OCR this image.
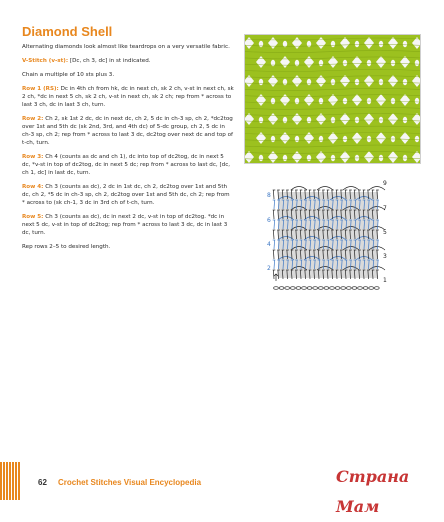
Diamond Shell

Alternating diamonds look almost like teardrops on a very versatile fabric.

V-Stitch (v-st): [Dc, ch 3, dc] in st indicated.

Chain a multiple of 10 sts plus 3.

Row 1 (RS): Dc in 4th ch from hk, dc in next ch, sk 2 ch, v-st in next ch, sk 2 ch, *dc in next 5 ch, sk 2 ch, v-st in next ch, sk 2 ch; rep from * across to last 3 ch, dc in last 3 ch, turn.

Row 2: Ch 2, sk 1st 2 dc, dc in next dc, ch 2, 5 dc in ch-3 sp, ch 2, *dc2tog over 1st and 5th dc (sk 2nd, 3rd, and 4th dc) of 5-dc group, ch 2, 5 dc in ch-3 sp, ch 2; rep from * across to last 3 dc, dc2tog over next dc and top of t-ch, turn.

Row 3: Ch 4 (counts as dc and ch 1), dc into top of dc2tog, dc in next 5 dc, *v-st in top of dc2tog, dc in next 5 dc; rep from * across to last dc, [dc, ch 1, dc] in last dc, turn.

Row 4: Ch 3 (counts as dc), 2 dc in 1st dc, ch 2, dc2tog over 1st and 5th dc, ch 2, *5 dc in ch-3 sp, ch 2, dc2tog over 1st and 5th dc, ch 2; rep from * across to (sk ch-1, 3 dc in 3rd ch of t-ch, turn.

Row 5: Ch 3 (counts as dc), dc in next 2 dc, v-st in top of dc2tog. *dc in next 5 dc, v-st in top of dc2tog; rep from * across to last 3 dc, dc in last 3 dc, turn.

Rep rows 2–5 to desired length.

9
7
5
3
1
8
6
4
2
62 Crochet Stitches Visual Encyclopedia	Страна Мам
